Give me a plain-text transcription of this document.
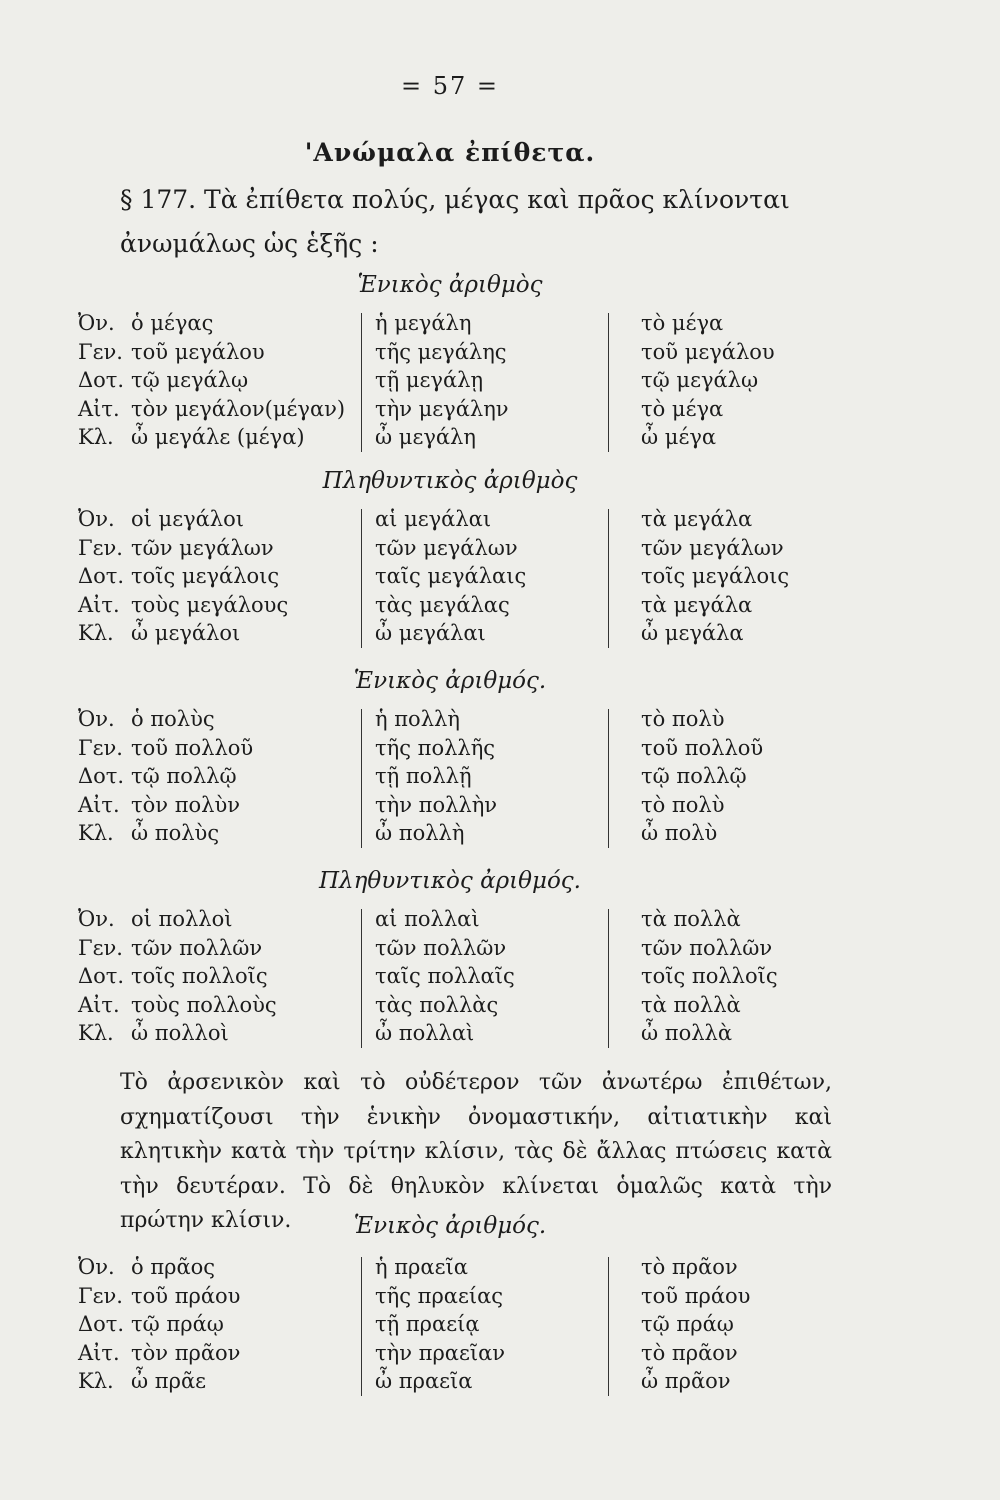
= 57 =
'Ανώμαλα ἐπίθετα.
§ 177. Τὰ ἐπίθετα πολύς, μέγας καὶ πρᾶος κλίνονται ἀνωμάλως ὡς ἑξῆς :
Ἑνικὸς ἀριθμὸς
Ὀν. ὁ μέγας	ἡ μεγάλη	τὸ μέγα
Γεν. τοῦ μεγάλου	τῆς μεγάλης	τοῦ μεγάλου
Δοτ. τῷ μεγάλῳ	τῇ μεγάλῃ	τῷ μεγάλῳ
Αἰτ. τὸν μεγάλον(μέγαν) τὴν μεγάλην	τὸ μέγα
Κλ. ὦ μεγάλε (μέγα)	ὦ μεγάλη	ὦ μέγα
Πληθυντικὸς ἀριθμὸς
Ὀν. οἱ μεγάλοι	αἱ μεγάλαι	τὰ μεγάλα
Γεν. τῶν μεγάλων	τῶν μεγάλων	τῶν μεγάλων
Δοτ. τοῖς μεγάλοις	ταῖς μεγάλαις	τοῖς μεγάλοις
Αἰτ. τοὺς μεγάλους	τὰς μεγάλας	τὰ μεγάλα
Κλ. ὦ μεγάλοι	ὦ μεγάλαι	ὦ μεγάλα
Ἑνικὸς ἀριθμός.
Ὀν. ὁ πολὺς	ἡ πολλὴ	τὸ πολὺ
Γεν. τοῦ πολλοῦ	τῆς πολλῆς	τοῦ πολλοῦ
Δοτ. τῷ πολλῷ	τῇ πολλῇ	τῷ πολλῷ
Αἰτ. τὸν πολὺν	τὴν πολλὴν	τὸ πολὺ
Κλ. ὦ πολὺς	ὦ πολλὴ	ὦ πολὺ
Πληθυντικὸς ἀριθμός.
Ὀν. οἱ πολλοὶ	αἱ πολλαὶ	τὰ πολλὰ
Γεν. τῶν πολλῶν	τῶν πολλῶν	τῶν πολλῶν
Δοτ. τοῖς πολλοῖς	ταῖς πολλαῖς	τοῖς πολλοῖς
Αἰτ. τοὺς πολλοὺς	τὰς πολλὰς	τὰ πολλὰ
Κλ. ὦ πολλοὶ	ὦ πολλαὶ	ὦ πολλὰ
Ἑνικὸς ἀριθμός.
Ὀν. ὁ πρᾶος	ἡ πραεῖα	τὸ πρᾶον
Γεν. τοῦ πράου	τῆς πραείας	τοῦ πράου
Δοτ. τῷ πράῳ	τῇ πραείᾳ	τῷ πράῳ
Αἰτ. τὸν πρᾶον	τὴν πραεῖαν	τὸ πρᾶον
Κλ. ὦ πρᾶε	ὦ πραεῖα	ὦ πρᾶον
Τὸ ἀρσενικὸν καὶ τὸ οὐδέτερον τῶν ἀνωτέρω ἐπιθέτων, σχηματίζουσι τὴν ἑνικὴν ὀνομαστικήν, αἰτιατικὴν καὶ κλητικὴν κατὰ τὴν τρίτην κλίσιν, τὰς δὲ ἄλλας πτώσεις κατὰ τὴν δευτέραν. Τὸ δὲ θηλυκὸν κλίνεται ὁμαλῶς κατὰ τὴν πρώτην κλίσιν.
